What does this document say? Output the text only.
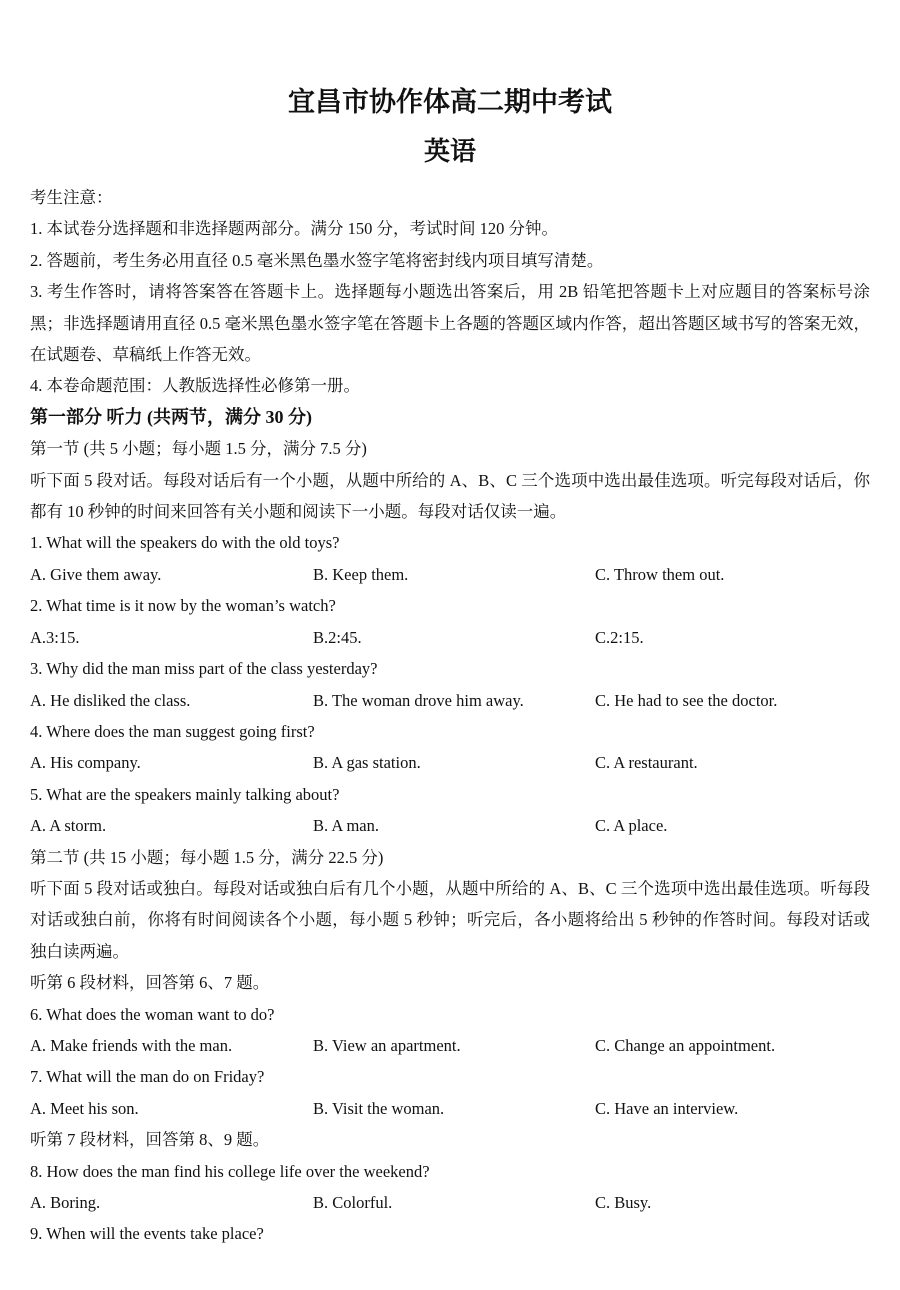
宜昌市协作体高二期中考试
英语

考生注意：

1. 本试卷分选择题和非选择题两部分。满分 150 分，考试时间 120 分钟。

2. 答题前，考生务必用直径 0.5 毫米黑色墨水签字笔将密封线内项目填写清楚。

3. 考生作答时，请将答案答在答题卡上。选择题每小题选出答案后，用 2B 铅笔把答题卡上对应题目的答案标号涂黑；非选择题请用直径 0.5 毫米黑色墨水签字笔在答题卡上各题的答题区域内作答，超出答题区域书写的答案无效，在试题卷、草稿纸上作答无效。

4. 本卷命题范围：人教版选择性必修第一册。

第一部分 听力 (共两节，满分 30 分)

第一节 (共 5 小题；每小题 1.5 分，满分 7.5 分)

听下面 5 段对话。每段对话后有一个小题，从题中所给的 A、B、C 三个选项中选出最佳选项。听完每段对话后，你都有 10 秒钟的时间来回答有关小题和阅读下一小题。每段对话仅读一遍。

1. What will the speakers do with the old toys?

A. Give them away.	B. Keep them.	C. Throw them out.

2. What time is it now by the woman’s watch?

A.3:15.	B.2:45.	C.2:15.

3. Why did the man miss part of the class yesterday?

A. He disliked the class.	B. The woman drove him away.	C. He had to see the doctor.

4. Where does the man suggest going first?

A. His company.	B. A gas station.	C. A restaurant.

5. What are the speakers mainly talking about?

A. A storm.	B. A man.	C. A place.

第二节 (共 15 小题；每小题 1.5 分，满分 22.5 分)

听下面 5 段对话或独白。每段对话或独白后有几个小题，从题中所给的 A、B、C 三个选项中选出最佳选项。听每段对话或独白前，你将有时间阅读各个小题，每小题 5 秒钟；听完后，各小题将给出 5 秒钟的作答时间。每段对话或独白读两遍。

听第 6 段材料，回答第 6、7 题。

6. What does the woman want to do?

A. Make friends with the man.	B. View an apartment.	C. Change an appointment.

7. What will the man do on Friday?

A. Meet his son.	B. Visit the woman.	C. Have an interview.

听第 7 段材料，回答第 8、9 题。

8. How does the man find his college life over the weekend?

A. Boring.	B. Colorful.	C. Busy.

9. When will the events take place?
